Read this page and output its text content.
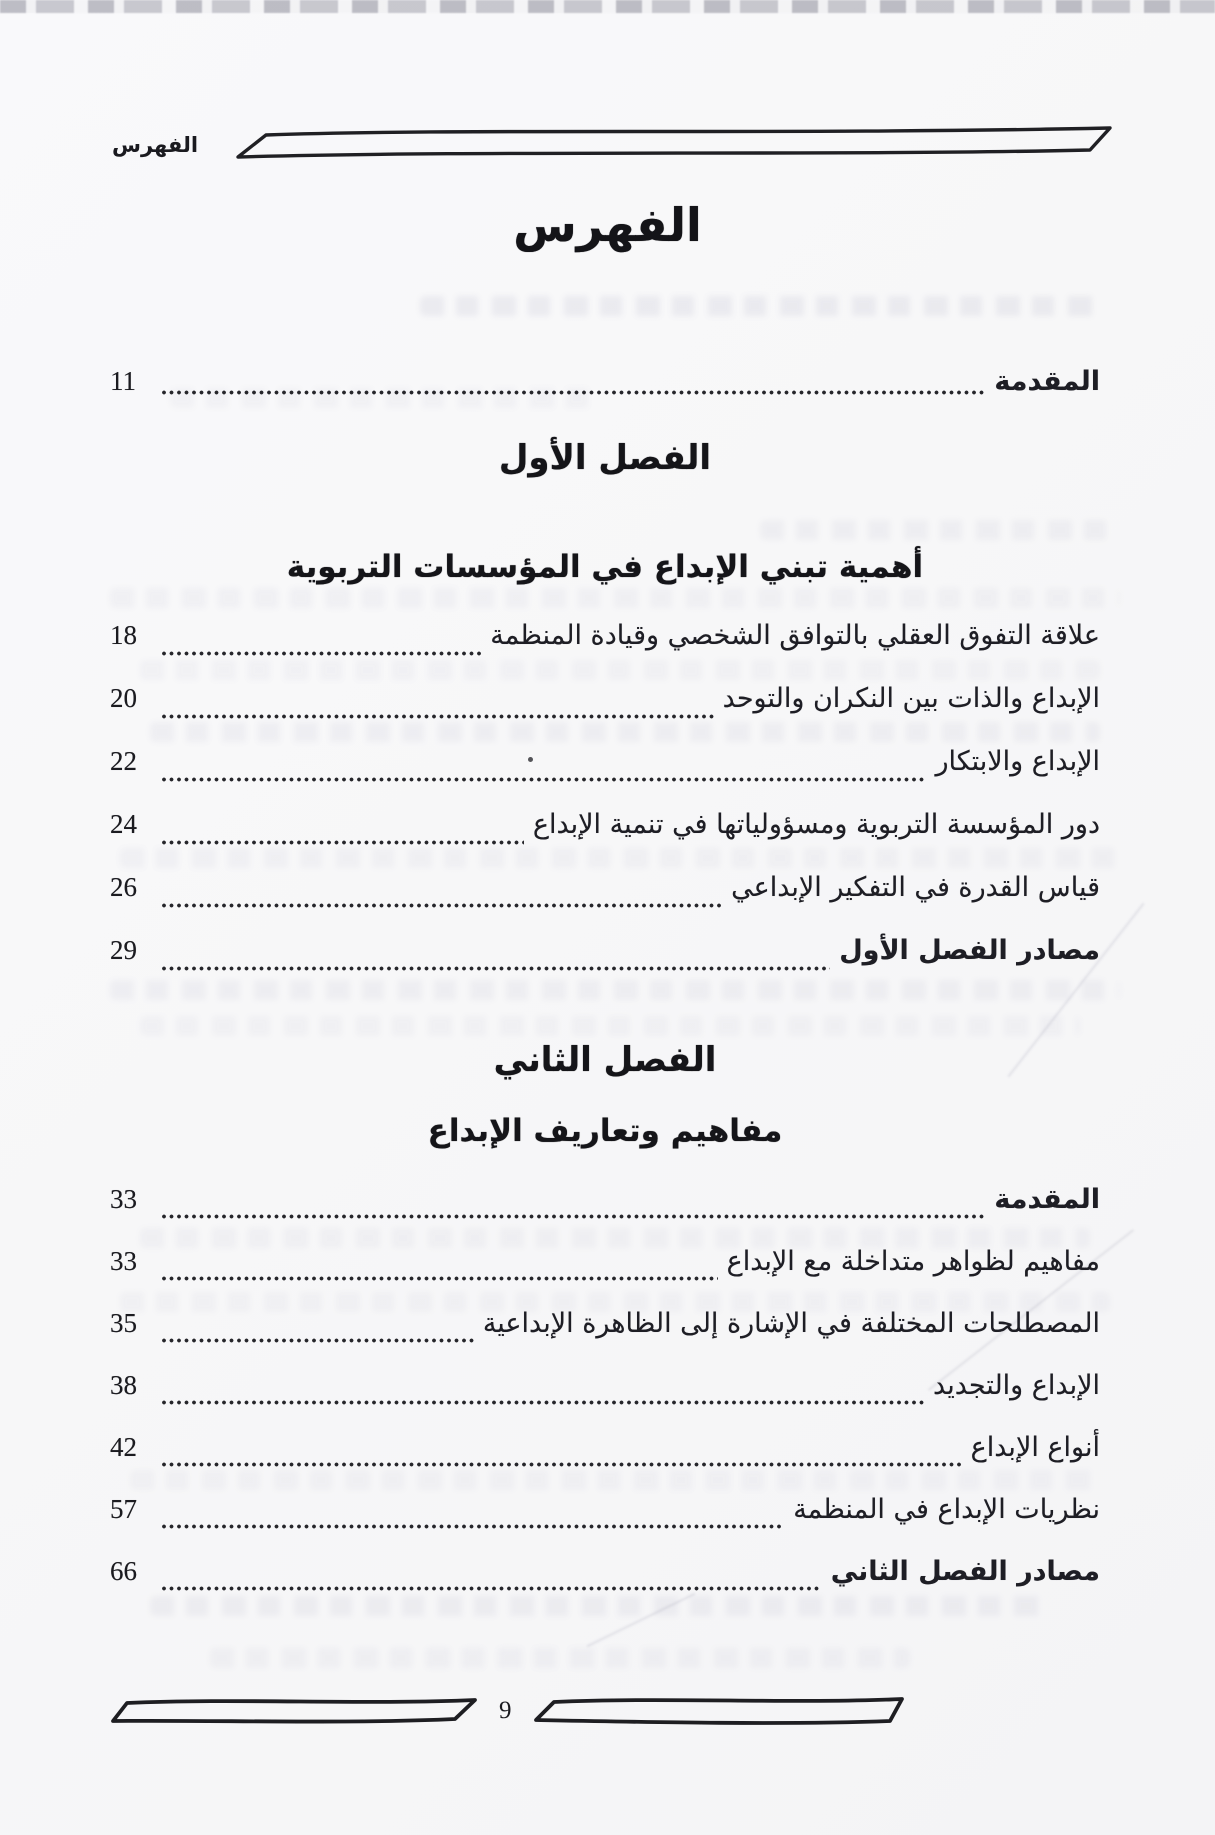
الفهرس
الفهرس
المقدمة
11
الفصل الأول
أهمية تبني الإبداع في المؤسسات التربوية
علاقة التفوق العقلي بالتوافق الشخصي وقيادة المنظمة
18
الإبداع والذات بين النكران والتوحد
20
الإبداع والابتكار
22
دور المؤسسة التربوية ومسؤولياتها في تنمية الإبداع
24
قياس القدرة في التفكير الإبداعي
26
مصادر الفصل الأول
29
الفصل الثاني
مفاهيم وتعاريف الإبداع
المقدمة
33
مفاهيم لظواهر متداخلة مع الإبداع
33
المصطلحات المختلفة في الإشارة إلى الظاهرة الإبداعية
35
الإبداع والتجديد
38
أنواع الإبداع
42
نظريات الإبداع في المنظمة
57
مصادر الفصل الثاني
66
9
